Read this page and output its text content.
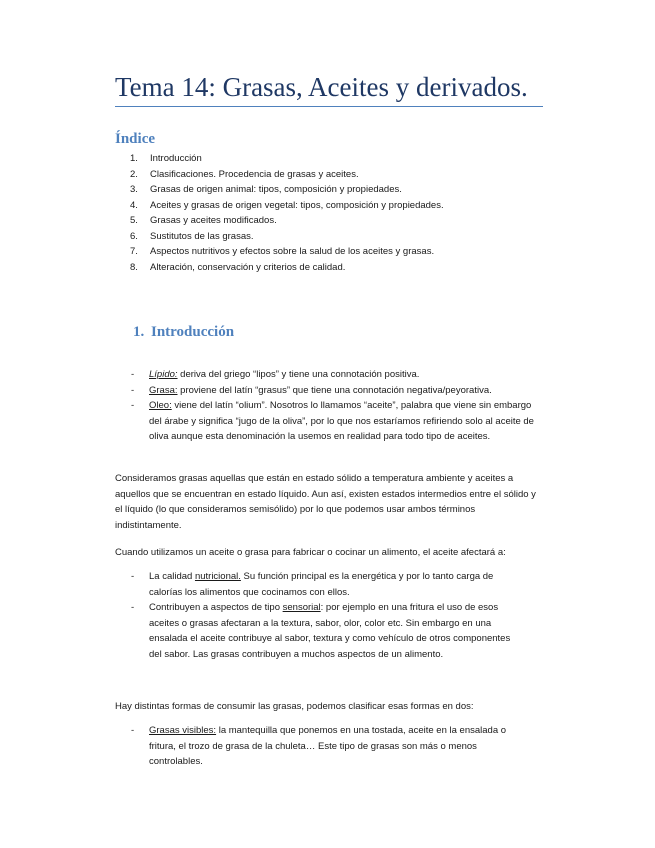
Tema 14: Grasas, Aceites y derivados.
Índice
1. Introducción
2. Clasificaciones. Procedencia de grasas y aceites.
3. Grasas de origen animal: tipos, composición y propiedades.
4. Aceites y grasas de origen vegetal: tipos, composición y propiedades.
5. Grasas y aceites modificados.
6. Sustitutos de las grasas.
7. Aspectos nutritivos y efectos sobre la salud de los aceites y grasas.
8. Alteración, conservación y criterios de calidad.
1. Introducción
- Lípido: deriva del griego “lipos” y tiene una connotación positiva.
- Grasa: proviene del latín “grasus” que tiene una connotación negativa/peyorativa.
- Oleo: viene del latín “olium”. Nosotros lo llamamos “aceite”, palabra que viene sin embargo del árabe y significa “jugo de la oliva”, por lo que nos estaríamos refiriendo solo al aceite de oliva aunque esta denominación la usemos en realidad para todo tipo de aceites.

Consideramos grasas aquellas que están en estado sólido a temperatura ambiente y aceites a aquellos que se encuentran en estado líquido. Aun así, existen estados intermedios entre el sólido y el líquido (lo que consideramos semisólido) por lo que podemos usar ambos términos indistintamente.

Cuando utilizamos un aceite o grasa para fabricar o cocinar un alimento, el aceite afectará a:

- La calidad nutricional. Su función principal es la energética y por lo tanto carga de calorías los alimentos que cocinamos con ellos.
- Contribuyen a aspectos de tipo sensorial: por ejemplo en una fritura el uso de esos aceites o grasas afectaran a la textura, sabor, olor, color etc. Sin embargo en una ensalada el aceite contribuye al sabor, textura y como vehículo de otros componentes del sabor. Las grasas contribuyen a muchos aspectos de un alimento.

Hay distintas formas de consumir las grasas, podemos clasificar esas formas en dos:

- Grasas visibles: la mantequilla que ponemos en una tostada, aceite en la ensalada o fritura, el trozo de grasa de la chuleta… Este tipo de grasas son más o menos controlables.
